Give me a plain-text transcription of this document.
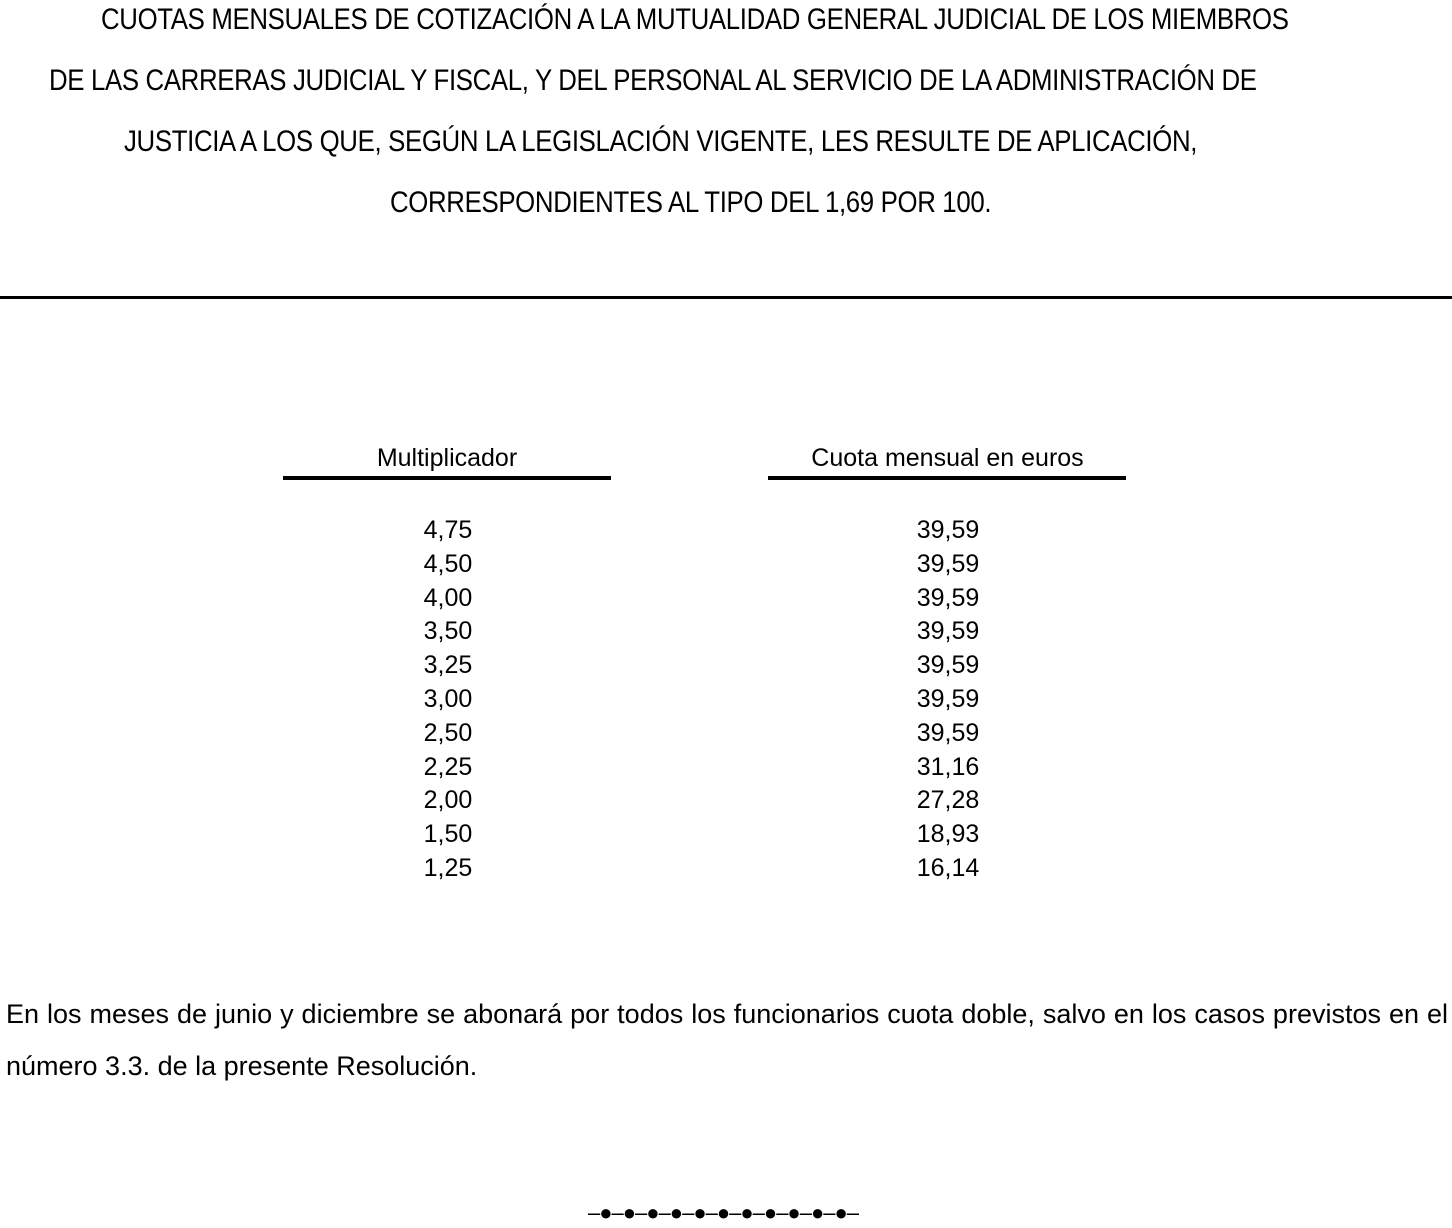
CUOTAS MENSUALES DE COTIZACIÓN A LA MUTUALIDAD GENERAL JUDICIAL DE LOS MIEMBROS
DE LAS CARRERAS JUDICIAL Y FISCAL, Y DEL PERSONAL AL SERVICIO DE LA ADMINISTRACIÓN DE
JUSTICIA A LOS QUE, SEGÚN LA LEGISLACIÓN VIGENTE, LES RESULTE DE APLICACIÓN,
CORRESPONDIENTES AL TIPO DEL 1,69 POR 100.
Multiplicador	Cuota mensual en euros
4,75
4,50
4,00
3,50
3,25
3,00
2,50
2,25
2,00
1,50
1,25
39,59
39,59
39,59
39,59
39,59
39,59
39,59
31,16
27,28
18,93
16,14
En los meses de junio y diciembre se abonará por todos los funcionarios cuota doble, salvo en los casos previstos en el número 3.3. de la presente Resolución.
–●–●–●–●–●–●–●–●–●–●–●–
